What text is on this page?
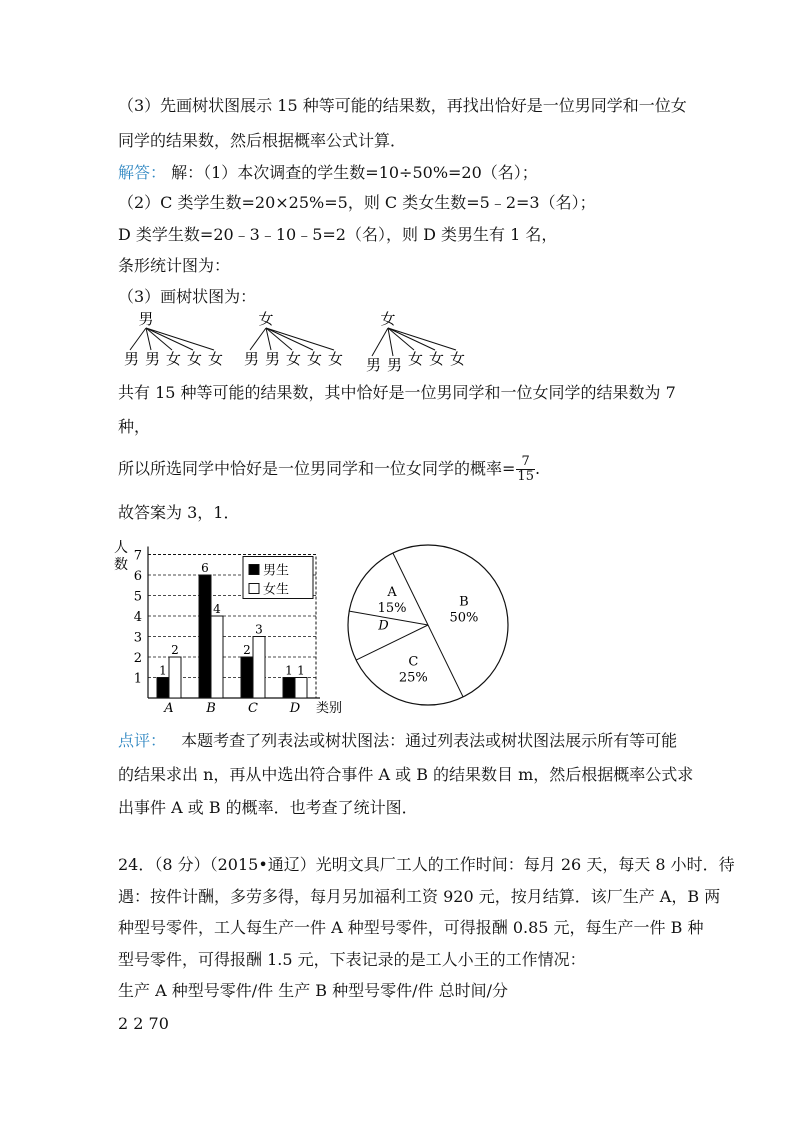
（3）先画树状图展示 15 种等可能的结果数，再找出恰好是一位男同学和一位女
同学的结果数，然后根据概率公式计算．
解答： 解：（1）本次调查的学生数=10÷50%=20（名）；
（2）C 类学生数=20×25%=5，则 C 类女生数=5﹣2=3（名）；
D 类学生数=20﹣3﹣10﹣5=2（名），则 D 类男生有 1 名，
条形统计图为：
（3）画树状图为：
男
男 男 女 女 女
女
男 男 女 女 女
女
男 男 女 女 女
共有 15 种等可能的结果数，其中恰好是一位男同学和一位女同学的结果数为 7
种，
所以所选同学中恰好是一位男同学和一位女同学的概率= $\frac{7}{15}$ .
故答案为 3，1．
人
数
1
2
3
4
5
6
7
类别
1
2
A
6
4
B
2
3
C
1 1
D
男生
女生	A
15%	B
50%
C
25%
D
点评： 本题考查了列表法或树状图法：通过列表法或树状图法展示所有等可能
的结果求出 n，再从中选出符合事件 A 或 B 的结果数目 m，然后根据概率公式求
出事件 A 或 B 的概率．也考查了统计图．
24．（8 分）（2015•通辽）光明文具厂工人的工作时间：每月 26 天，每天 8 小时．待
遇：按件计酬，多劳多得，每月另加福利工资 920 元，按月结算．该厂生产 A，B 两
种型号零件，工人每生产一件 A 种型号零件，可得报酬 0.85 元，每生产一件 B 种
型号零件，可得报酬 1.5 元，下表记录的是工人小王的工作情况：
生产 A 种型号零件/件 生产 B 种型号零件/件 总时间/分
2 2 70
